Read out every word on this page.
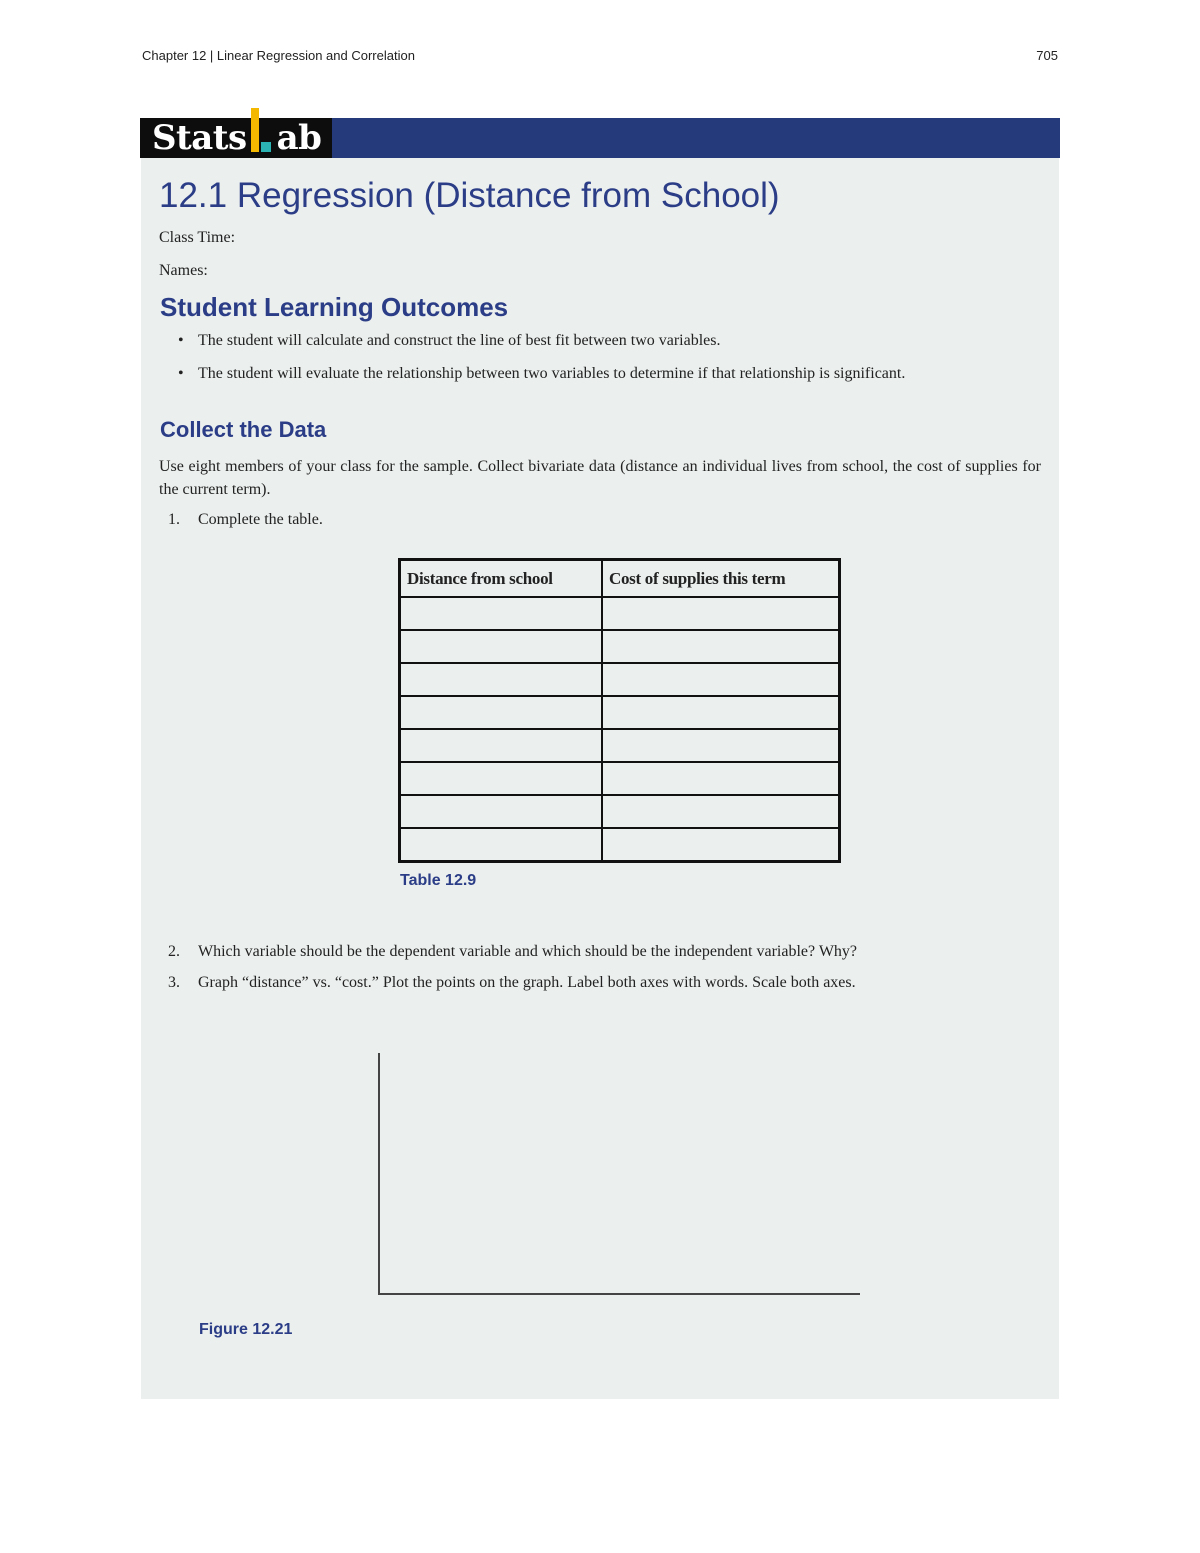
Chapter 12 | Linear Regression and Correlation	705
Stats ab
12.1 Regression (Distance from School)
Class Time:
Names:
Student Learning Outcomes
• The student will calculate and construct the line of best fit between two variables.
• The student will evaluate the relationship between two variables to determine if that relationship is significant.
Collect the Data

Use eight members of your class for the sample. Collect bivariate data (distance an individual lives from school, the cost of supplies for the current term).

1.	Complete the table.
Distance from school	Cost of supplies this term

Table 12.9
2.	Which variable should be the dependent variable and which should be the independent variable? Why?
3.	Graph “distance” vs. “cost.” Plot the points on the graph. Label both axes with words. Scale both axes.
Figure 12.21
